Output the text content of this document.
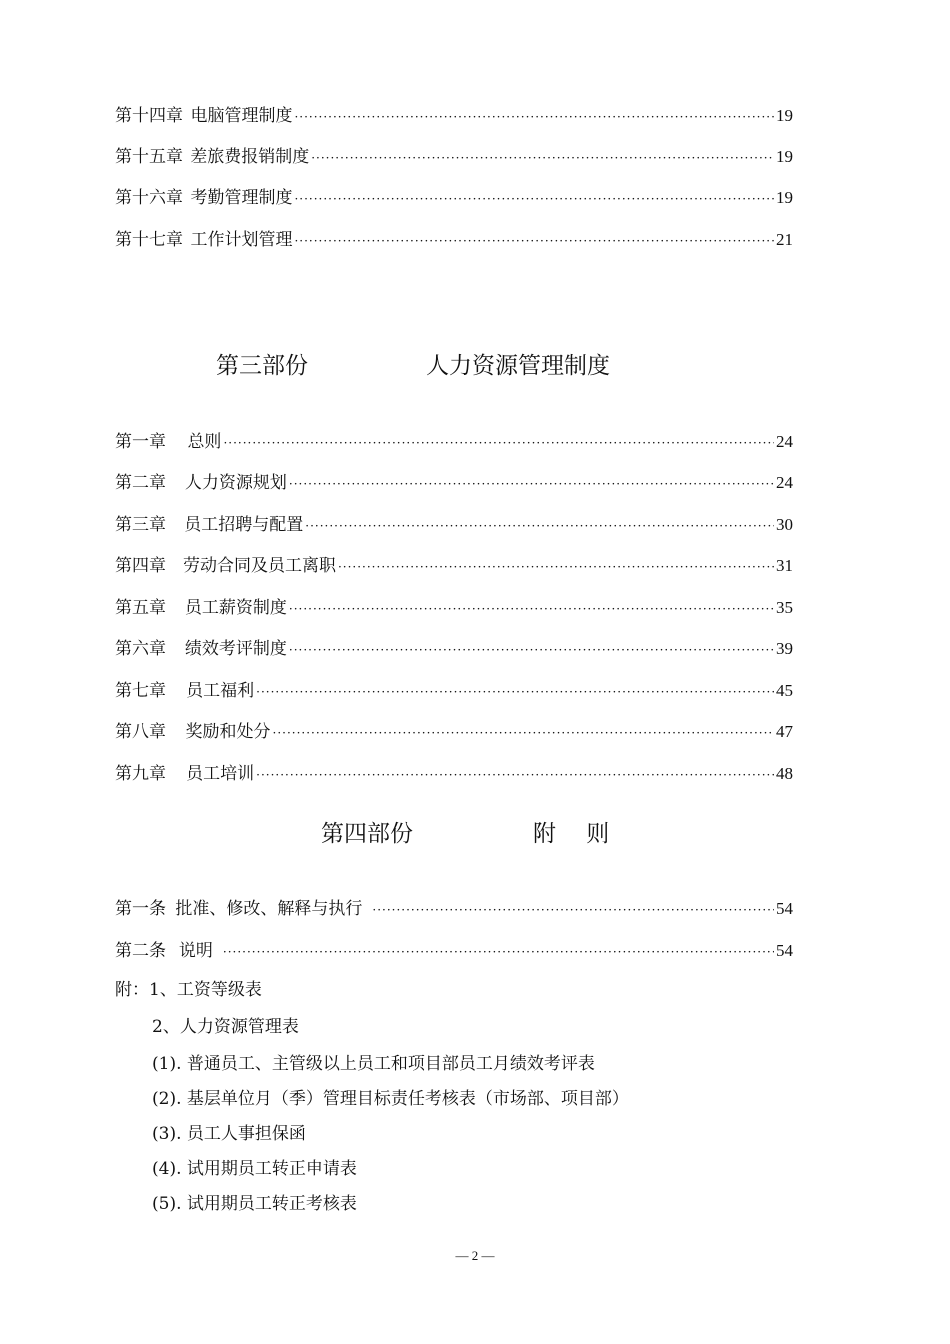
第十四章 电脑管理制度 ·····	19
第十五章 差旅费报销制度 ·····	19
第十六章 考勤管理制度 ·····	19
第十七章 工作计划管理 ·····	21
第三部份	人力资源管理制度
第一章 总则 ·····	24
第二章 人力资源规划 ·····	24
第三章 员工招聘与配置 ·····	30
第四章 劳动合同及员工离职 ·····	31
第五章 员工薪资制度 ·····	35
第六章 绩效考评制度 ·····	39
第七章 员工福利 ·····	45
第八章 奖励和处分 ·····	47
第九章 员工培训 ·····	48
第四部份	附　 则
第一条 批准、修改、解释与执行 ·····	54
第二条 说明 ·····	54
附：1、工资等级表
2、人力资源管理表
(1). 普通员工、主管级以上员工和项目部员工月绩效考评表
(2). 基层单位月（季）管理目标责任考核表（市场部、项目部）
(3). 员工人事担保函
(4). 试用期员工转正申请表
(5). 试用期员工转正考核表
— 2 —
